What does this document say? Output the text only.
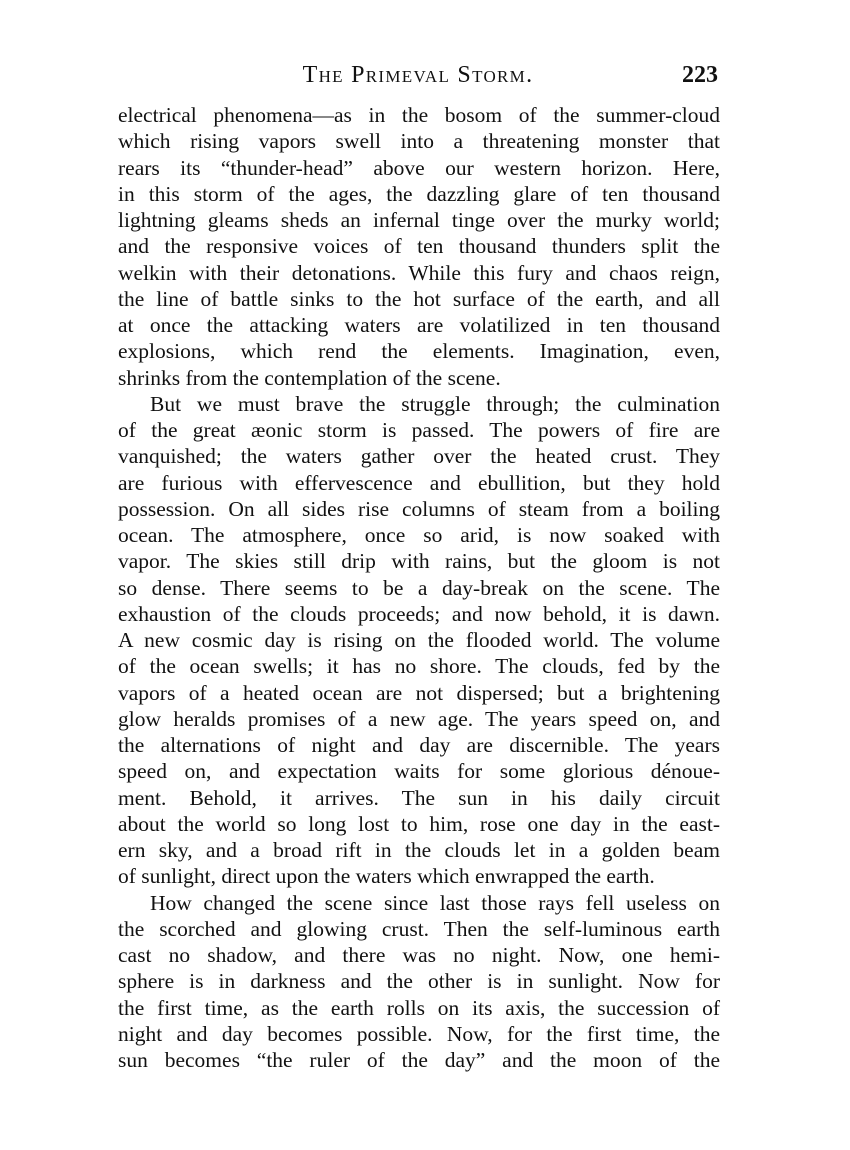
The Primeval Storm.	223
electrical phenomena—as in the bosom of the summer-cloud
which rising vapors swell into a threatening monster that
rears its “thunder-head” above our western horizon. Here,
in this storm of the ages, the dazzling glare of ten thousand
lightning gleams sheds an infernal tinge over the murky world;
and the responsive voices of ten thousand thunders split the
welkin with their detonations. While this fury and chaos reign,
the line of battle sinks to the hot surface of the earth, and all
at once the attacking waters are volatilized in ten thousand
explosions, which rend the elements. Imagination, even,
shrinks from the contemplation of the scene.
But we must brave the struggle through; the culmination
of the great æonic storm is passed. The powers of fire are
vanquished; the waters gather over the heated crust. They
are furious with effervescence and ebullition, but they hold
possession. On all sides rise columns of steam from a boiling
ocean. The atmosphere, once so arid, is now soaked with
vapor. The skies still drip with rains, but the gloom is not
so dense. There seems to be a day-break on the scene. The
exhaustion of the clouds proceeds; and now behold, it is dawn.
A new cosmic day is rising on the flooded world. The volume
of the ocean swells; it has no shore. The clouds, fed by the
vapors of a heated ocean are not dispersed; but a brightening
glow heralds promises of a new age. The years speed on, and
the alternations of night and day are discernible. The years
speed on, and expectation waits for some glorious dénoue-
ment. Behold, it arrives. The sun in his daily circuit
about the world so long lost to him, rose one day in the east-
ern sky, and a broad rift in the clouds let in a golden beam
of sunlight, direct upon the waters which enwrapped the earth.
How changed the scene since last those rays fell useless on
the scorched and glowing crust. Then the self-luminous earth
cast no shadow, and there was no night. Now, one hemi-
sphere is in darkness and the other is in sunlight. Now for
the first time, as the earth rolls on its axis, the succession of
night and day becomes possible. Now, for the first time, the
sun becomes “the ruler of the day” and the moon of the
